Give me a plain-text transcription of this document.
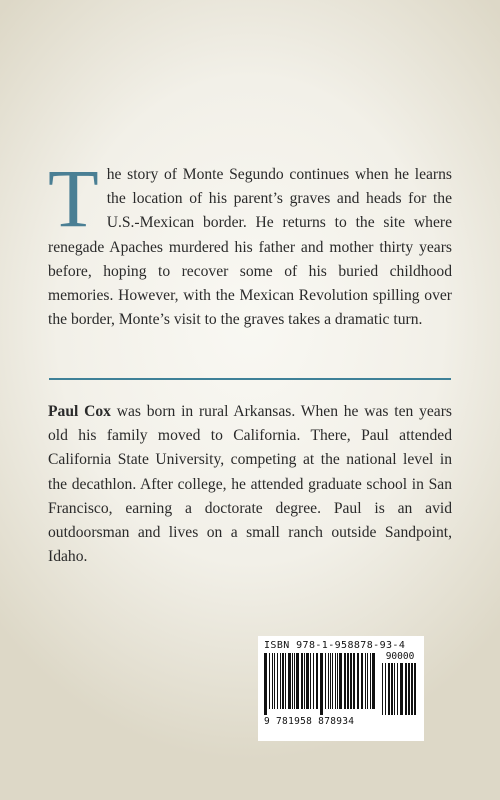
The story of Monte Segundo continues when he learns the location of his parent’s graves and heads for the U.S.-Mexican border. He returns to the site where renegade Apaches murdered his father and mother thirty years before, hoping to recover some of his buried childhood memories. However, with the Mexican Revolution spilling over the border, Monte’s visit to the graves takes a dramatic turn.

Paul Cox was born in rural Arkansas. When he was ten years old his family moved to California. There, Paul attended California State University, competing at the national level in the decathlon. After college, he attended graduate school in San Francisco, earning a doctorate degree. Paul is an avid outdoorsman and lives on a small ranch outside Sandpoint, Idaho.

ISBN 978-1-958878-93-4
90000
9 781958 878934
